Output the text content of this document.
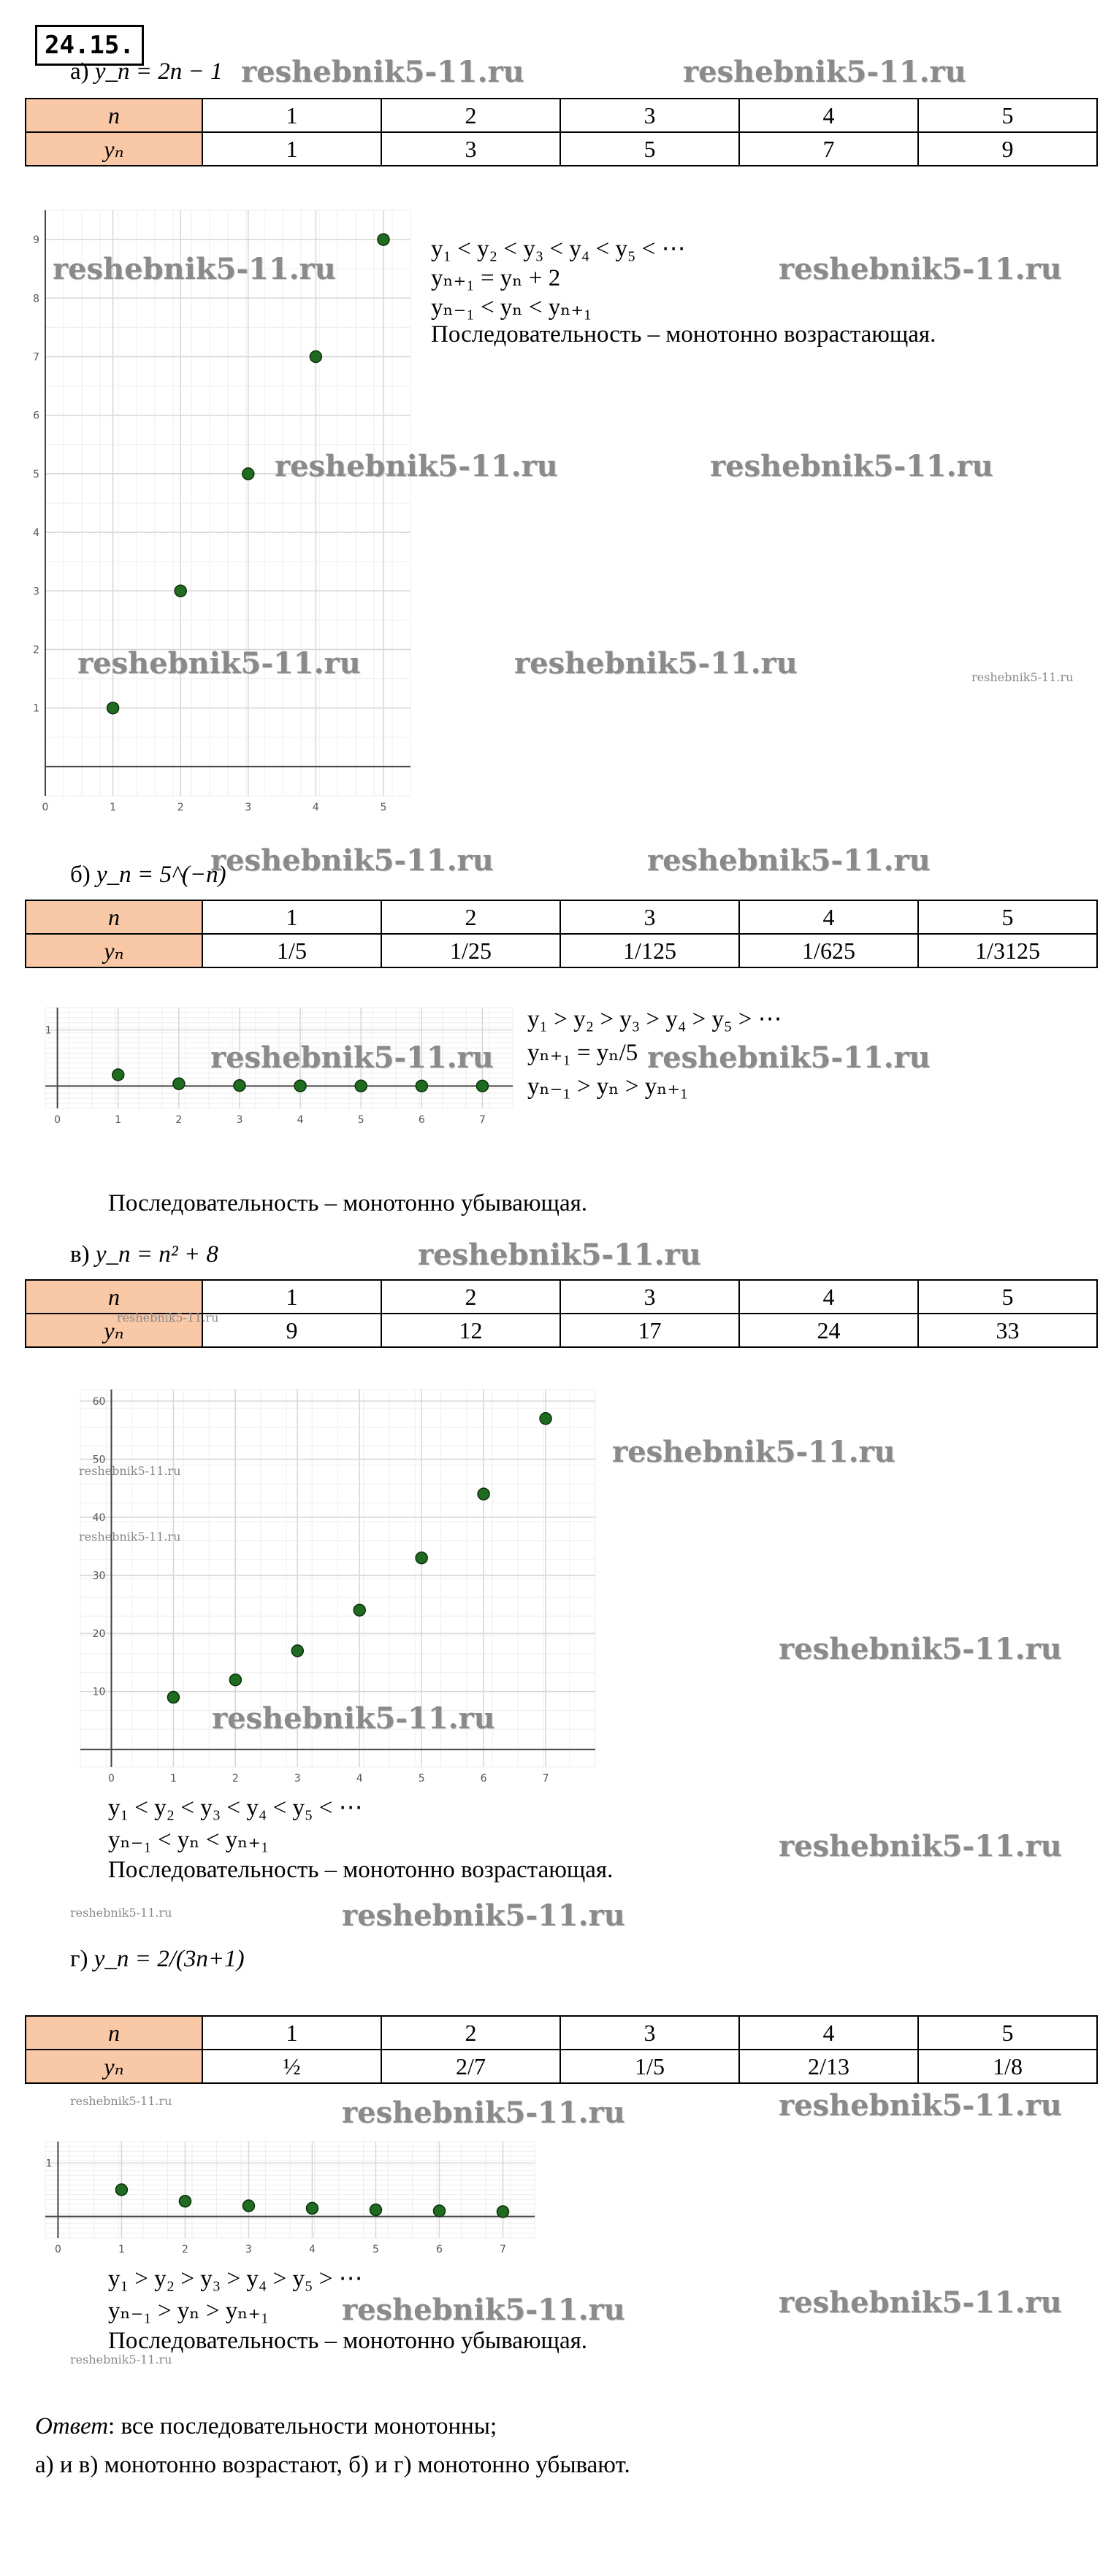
24.15.
а) y_n = 2n − 1
n	1	2	3	4	5
yₙ	1	3	5	7	9
0	1	2	3	4	5
1
2
3
4
5
6
7
8
9	y₁ < y₂ < y₃ < y₄ < y₅ < ⋯
yₙ₊₁ = yₙ + 2
yₙ₋₁ < yₙ < yₙ₊₁
Последовательность – монотонно возрастающая.
б) y_n = 5^(−n)
n	1	2	3	4	5
yₙ	1/5	1/25	1/125	1/625	1/3125
0	1	2	3	4	5	6	7
1	y₁ > y₂ > y₃ > y₄ > y₅ > ⋯
yₙ₊₁ = yₙ/5
yₙ₋₁ > yₙ > yₙ₊₁
Последовательность – монотонно убывающая.
в) y_n = n² + 8
n	1	2	3	4	5
yₙ	9	12	17	24	33
0	1	2	3	4	5	6	7
10
20
30
40
50
60
y₁ < y₂ < y₃ < y₄ < y₅ < ⋯
yₙ₋₁ < yₙ < yₙ₊₁
Последовательность – монотонно возрастающая.
г) y_n = 2/(3n+1)
n	1	2	3	4	5
yₙ	½	2/7	1/5	2/13	1/8
0	1	2	3	4	5	6	7
1
y₁ > y₂ > y₃ > y₄ > y₅ > ⋯
yₙ₋₁ > yₙ > yₙ₊₁
Последовательность – монотонно убывающая.
Ответ: все последовательности монотонны;
а) и в) монотонно возрастают, б) и г) монотонно убывают.
reshebnik5-11.ru	reshebnik5-11.ru
reshebnik5-11.ru	reshebnik5-11.ru
reshebnik5-11.ru	reshebnik5-11.ru
reshebnik5-11.ru	reshebnik5-11.ru
reshebnik5-11.ru	reshebnik5-11.ru
reshebnik5-11.ru	reshebnik5-11.ru
reshebnik5-11.ru
reshebnik5-11.ru
reshebnik5-11.ru
reshebnik5-11.ru
reshebnik5-11.ru
reshebnik5-11.ru
reshebnik5-11.ru	reshebnik5-11.ru
reshebnik5-11.ru	reshebnik5-11.ru
reshebnik5-11.ru
reshebnik5-11.ru
reshebnik5-11.ru
reshebnik5-11.ru
reshebnik5-11.ru
reshebnik5-11.ru
reshebnik5-11.ru
